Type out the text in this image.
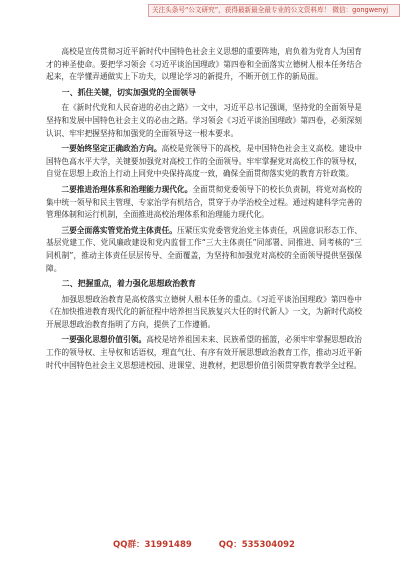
关注头条号“公文研究”，获得最新最全最专业的公文资料库！ 微信：gongwenyj

高校是宣传贯彻习近平新时代中国特色社会主义思想的重要阵地，肩负着为党育人为国育才的神圣使命。要把学习领会《习近平谈治国理政》第四卷和全面落实立德树人根本任务结合起来，在学懂弄通做实上下功夫，以理论学习的新提升，不断开创工作的新局面。

一、抓住关键，切实加强党的全面领导

在《新时代党和人民奋进的必由之路》一文中，习近平总书记强调，坚持党的全面领导是坚持和发展中国特色社会主义的必由之路。学习领会《习近平谈治国理政》第四卷，必须深刻认识、牢牢把握坚持和加强党的全面领导这一根本要求。

一要始终坚定正确政治方向。高校是党领导下的高校，是中国特色社会主义高校。建设中国特色高水平大学，关键要加强党对高校工作的全面领导。牢牢掌握党对高校工作的领导权，自觉在思想上政治上行动上同党中央保持高度一致，确保全面贯彻落实党的教育方针政策。

二要推进治理体系和治理能力现代化。全面贯彻党委领导下的校长负责制，将党对高校的集中统一领导和民主管理、专家治学有机结合，贯穿于办学治校全过程。通过构建科学完善的管理体制和运行机制，全面推进高校治理体系和治理能力现代化。

三要全面落实管党治党主体责任。压紧压实党委管党治党主体责任，巩固意识形态工作、基层党建工作、党风廉政建设和党内监督工作“三大主体责任”同部署、同推进、同考核的“三同机制”，推动主体责任层层传导、全面覆盖，为坚持和加强党对高校的全面领导提供坚强保障。

二、把握重点，着力强化思想政治教育

加强思想政治教育是高校落实立德树人根本任务的重点。《习近平谈治国理政》第四卷中《在加快推进教育现代化的新征程中培养担当民族复兴大任的时代新人》一文，为新时代高校开展思想政治教育指明了方向，提供了工作遵循。

一要强化思想价值引领。高校是培养祖国未来、民族希望的摇篮，必须牢牢掌握思想政治工作的领导权、主导权和话语权，理直气壮、有序有效开展思想政治教育工作，推动习近平新时代中国特色社会主义思想进校园、进课堂、进教材，把思想价值引领贯穿教育教学全过程。

QQ群：31991489	QQ：535304092
